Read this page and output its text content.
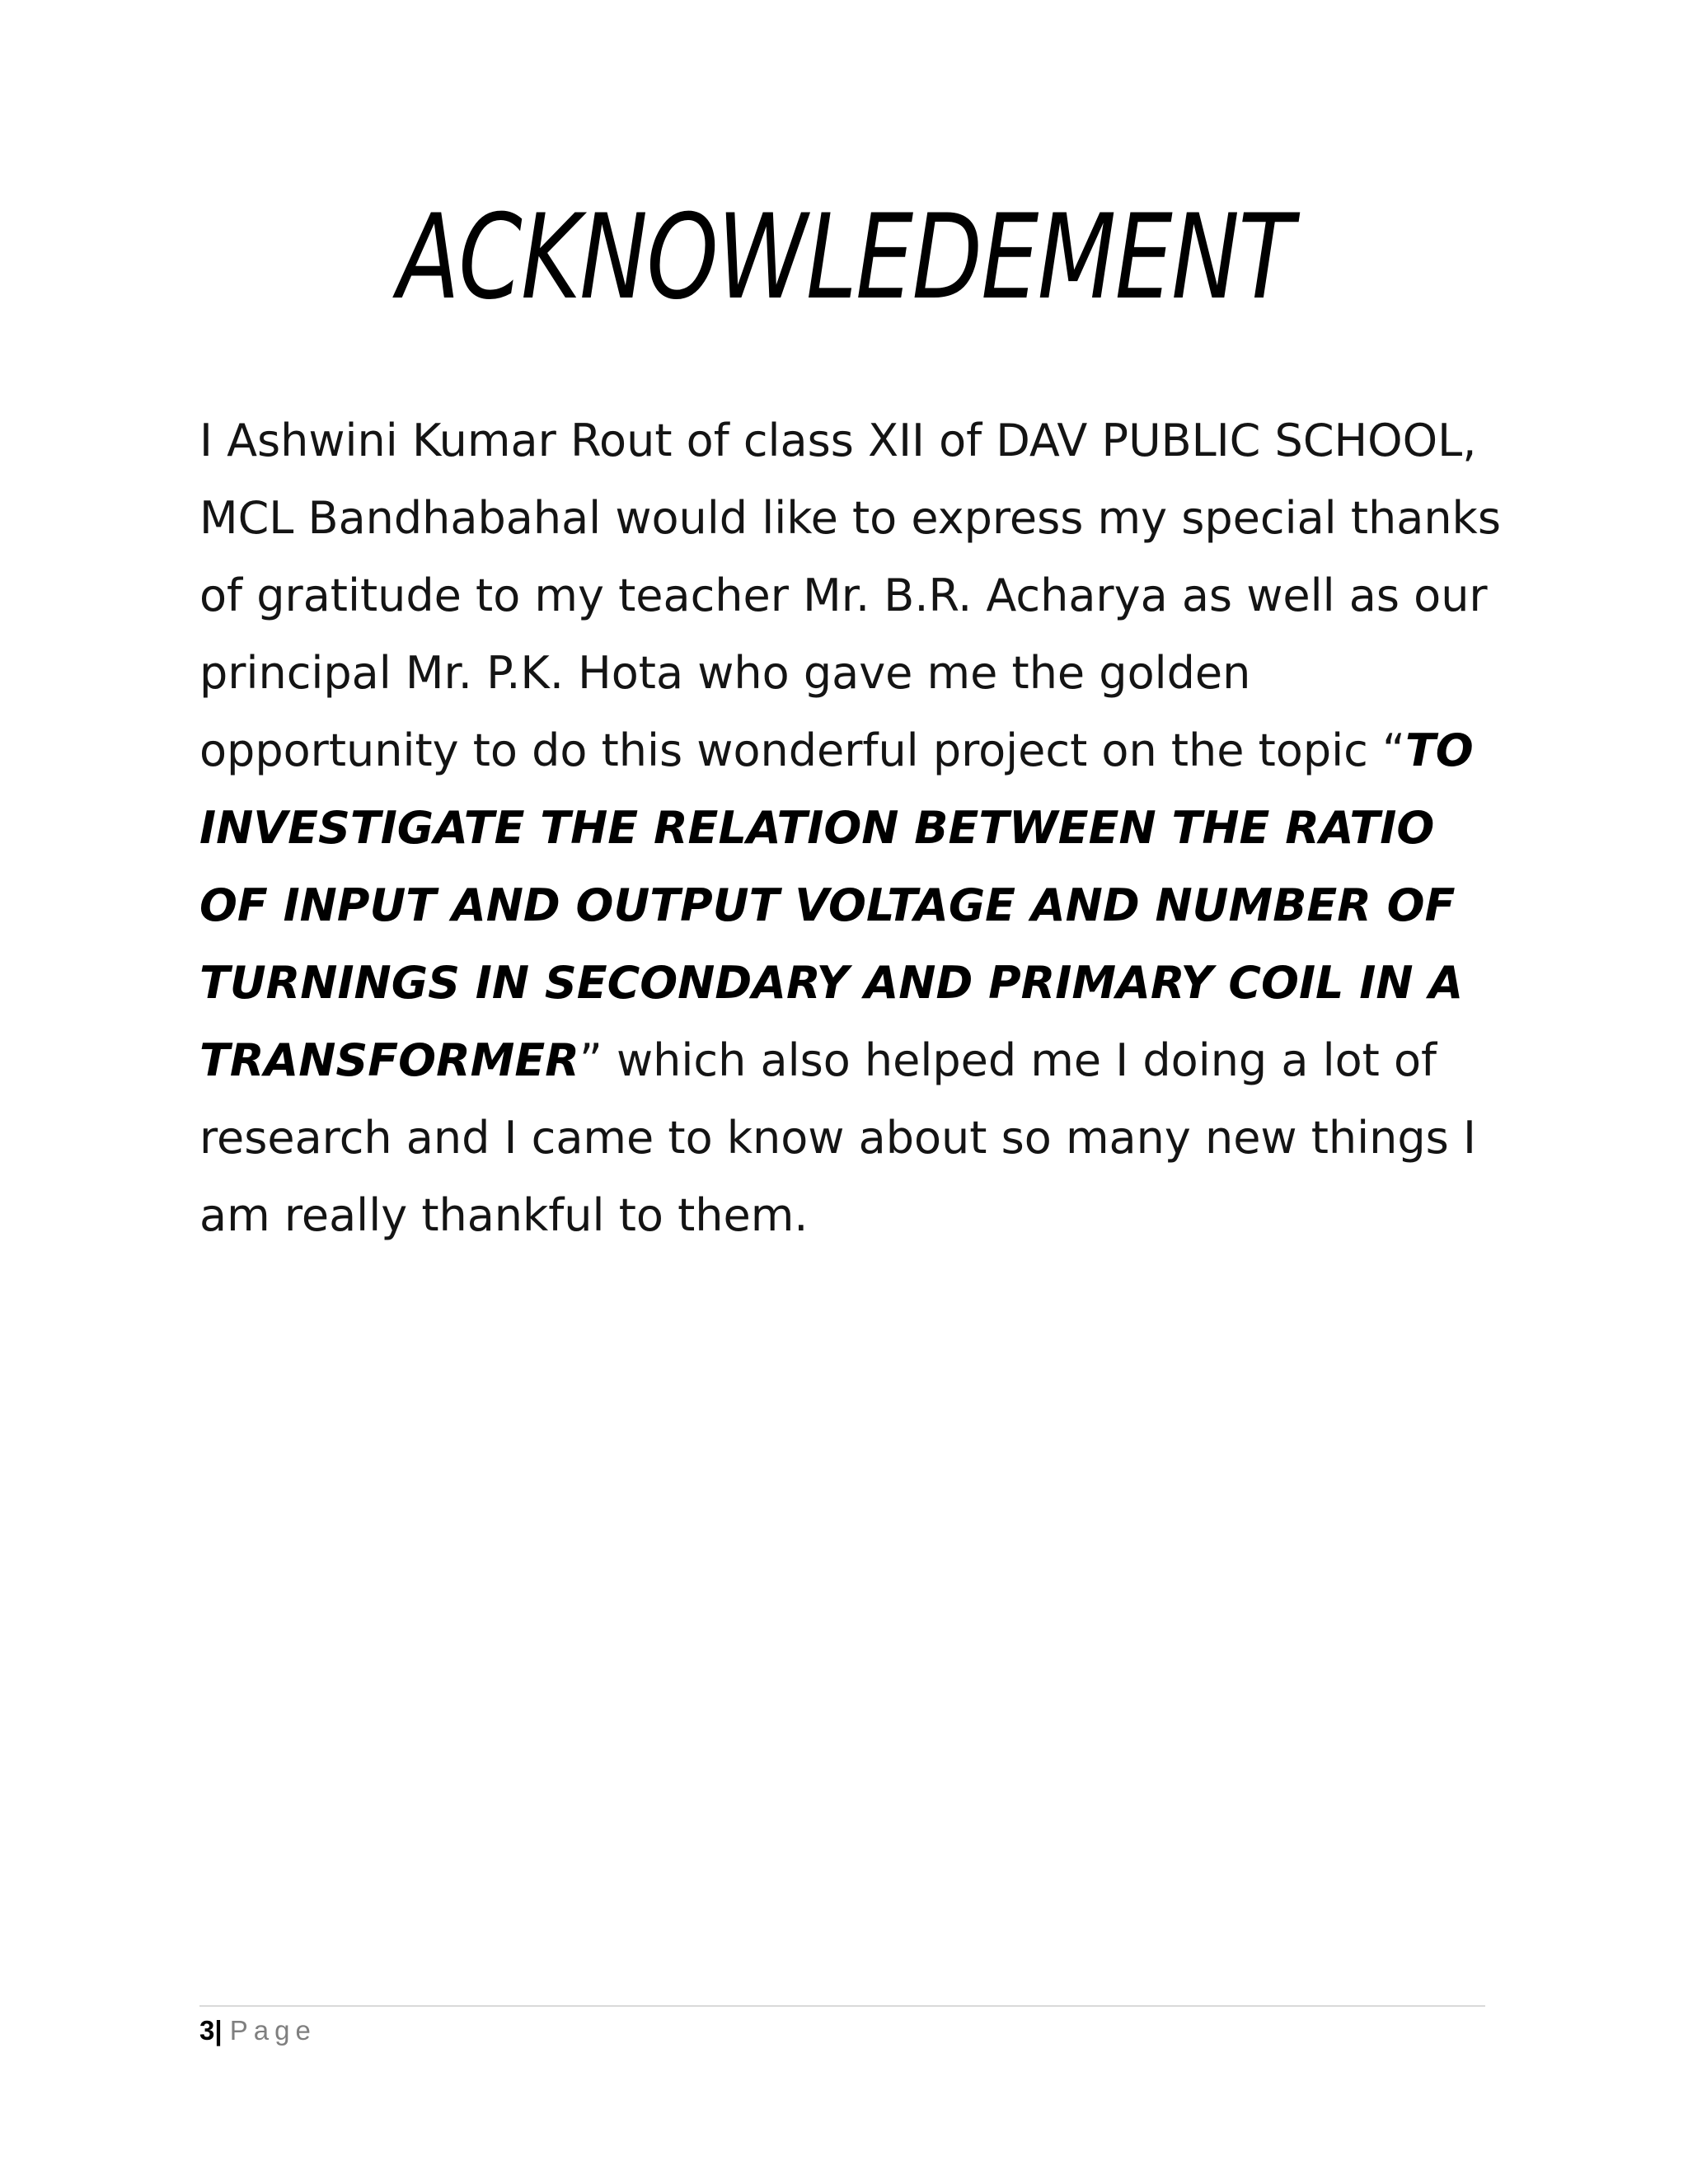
ACKNOWLEDEMENT

I Ashwini Kumar Rout of class XII of DAV PUBLIC SCHOOL, MCL Bandhabahal would like to express my special thanks of gratitude to my teacher Mr. B.R. Acharya as well as our principal Mr. P.K. Hota who gave me the golden opportunity to do this wonderful project on the topic “TO INVESTIGATE THE RELATION BETWEEN THE RATIO OF INPUT AND OUTPUT VOLTAGE AND NUMBER OF TURNINGS IN SECONDARY AND PRIMARY COIL IN A TRANSFORMER” which also helped me I doing a lot of research and I came to know about so many new things I am really thankful to them.

3| Page
